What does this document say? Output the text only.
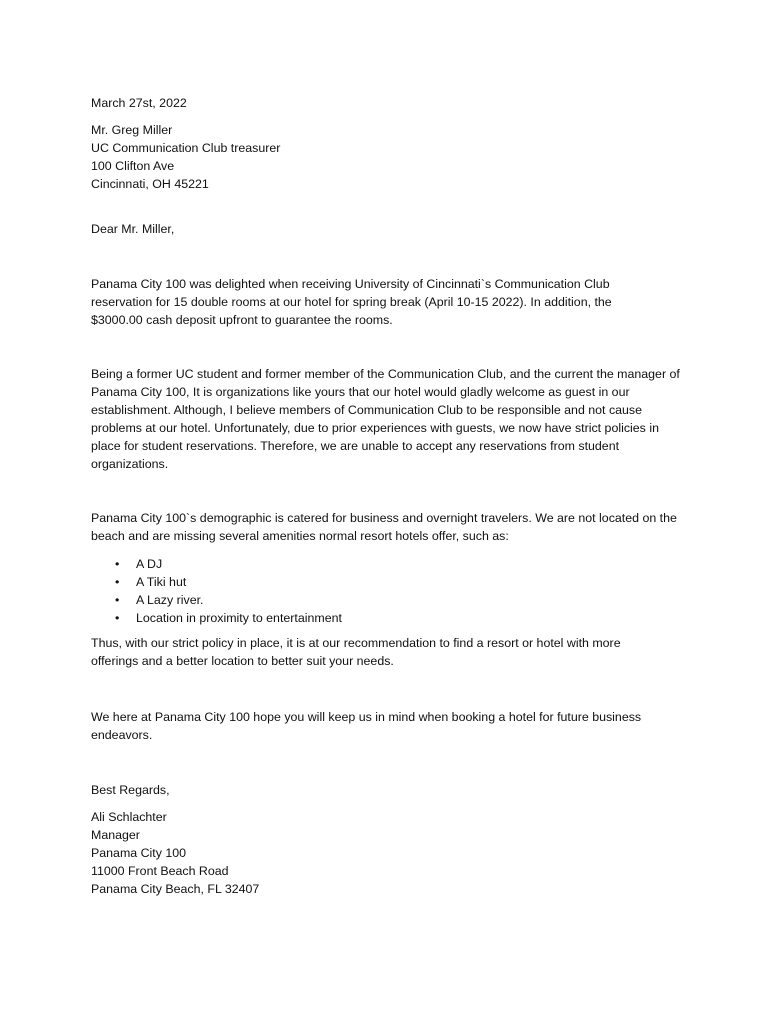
March 27st, 2022
Mr. Greg Miller
UC Communication Club treasurer
100 Clifton Ave
Cincinnati, OH 45221
Dear Mr. Miller,
Panama City 100 was delighted when receiving University of Cincinnati`s Communication Club reservation for 15 double rooms at our hotel for spring break (April 10-15 2022). In addition, the $3000.00 cash deposit upfront to guarantee the rooms.
Being a former UC student and former member of the Communication Club, and the current the manager of Panama City 100, It is organizations like yours that our hotel would gladly welcome as guest in our establishment. Although, I believe members of Communication Club to be responsible and not cause problems at our hotel. Unfortunately, due to prior experiences with guests, we now have strict policies in place for student reservations. Therefore, we are unable to accept any reservations from student organizations.
Panama City 100`s demographic is catered for business and overnight travelers. We are not located on the beach and are missing several amenities normal resort hotels offer, such as:
• A DJ
• A Tiki hut
• A Lazy river.
• Location in proximity to entertainment
Thus, with our strict policy in place, it is at our recommendation to find a resort or hotel with more offerings and a better location to better suit your needs.
We here at Panama City 100 hope you will keep us in mind when booking a hotel for future business endeavors.
Best Regards,
Ali Schlachter
Manager
Panama City 100
11000 Front Beach Road
Panama City Beach, FL 32407
